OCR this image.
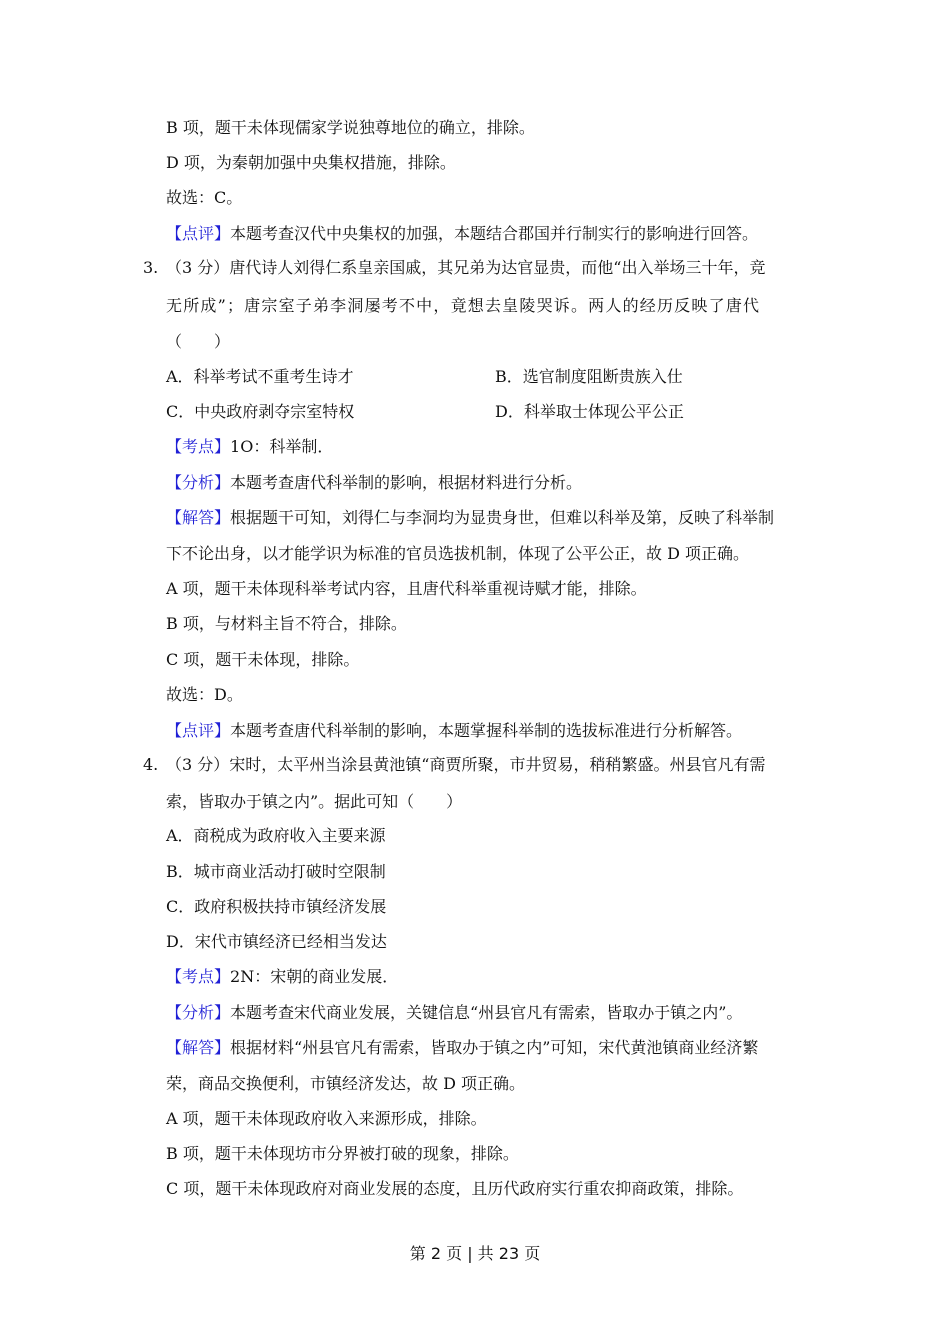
B 项，题干未体现儒家学说独尊地位的确立，排除。
D 项，为秦朝加强中央集权措施，排除。
故选：C。
【点评】本题考查汉代中央集权的加强，本题结合郡国并行制实行的影响进行回答。
3. （3 分）唐代诗人刘得仁系皇亲国戚，其兄弟为达官显贵，而他“出入举场三十年，竞
无所成”；唐宗室子弟李洞屡考不中，竟想去皇陵哭诉。两人的经历反映了唐代
（　　）
A．科举考试不重考生诗才	B．选官制度阻断贵族入仕
C．中央政府剥夺宗室特权	D．科举取士体现公平公正
【考点】1O：科举制．
【分析】本题考查唐代科举制的影响，根据材料进行分析。
【解答】根据题干可知，刘得仁与李洞均为显贵身世，但难以科举及第，反映了科举制
下不论出身，以才能学识为标准的官员选拔机制，体现了公平公正，故 D 项正确。
A 项，题干未体现科举考试内容，且唐代科举重视诗赋才能，排除。
B 项，与材料主旨不符合，排除。
C 项，题干未体现，排除。
故选：D。
【点评】本题考查唐代科举制的影响，本题掌握科举制的选拔标准进行分析解答。
4. （3 分）宋时，太平州当涂县黄池镇“商贾所聚，市井贸易，稍稍繁盛。州县官凡有需
索，皆取办于镇之内”。据此可知（　　）
A．商税成为政府收入主要来源
B．城市商业活动打破时空限制
C．政府积极扶持市镇经济发展
D．宋代市镇经济已经相当发达
【考点】2N：宋朝的商业发展．
【分析】本题考查宋代商业发展，关键信息“州县官凡有需索，皆取办于镇之内”。
【解答】根据材料“州县官凡有需索，皆取办于镇之内”可知，宋代黄池镇商业经济繁
荣，商品交换便利，市镇经济发达，故 D 项正确。
A 项，题干未体现政府收入来源形成，排除。
B 项，题干未体现坊市分界被打破的现象，排除。
C 项，题干未体现政府对商业发展的态度，且历代政府实行重农抑商政策，排除。
第 2 页 | 共 23 页
